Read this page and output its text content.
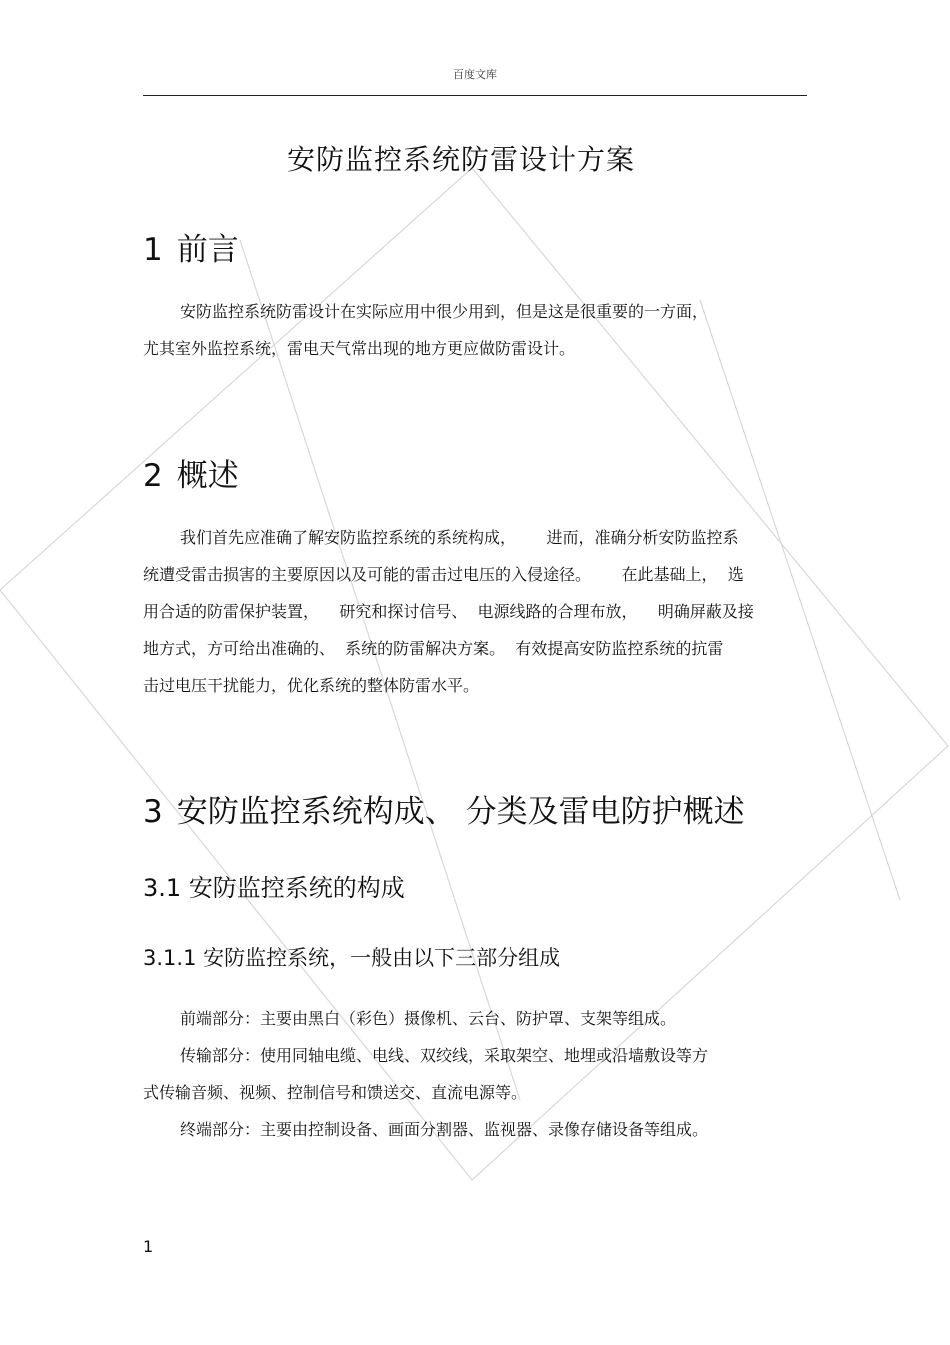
百度文库
安防监控系统防雷设计方案
1 前言
安防监控系统防雷设计在实际应用中很少用到，但是这是很重要的一方面，
尤其室外监控系统，雷电天气常出现的地方更应做防雷设计。
2 概述
我们首先应准确了解安防监控系统的系统构成，      进而，准确分析安防监控系
统遭受雷击损害的主要原因以及可能的雷击过电压的入侵途径。      在此基础上，  选
用合适的防雷保护装置，    研究和探讨信号、  电源线路的合理布放，    明确屏蔽及接
地方式，方可给出准确的、  系统的防雷解决方案。  有效提高安防监控系统的抗雷
击过电压干扰能力，优化系统的整体防雷水平。
3 安防监控系统构成、 分类及雷电防护概述
3.1 安防监控系统的构成
3.1.1 安防监控系统，一般由以下三部分组成
前端部分：主要由黑白（彩色）摄像机、云台、防护罩、支架等组成。
传输部分：使用同轴电缆、电线、双绞线，采取架空、地埋或沿墙敷设等方
式传输音频、视频、控制信号和馈送交、直流电源等。
终端部分：主要由控制设备、画面分割器、监视器、录像存储设备等组成。
1
